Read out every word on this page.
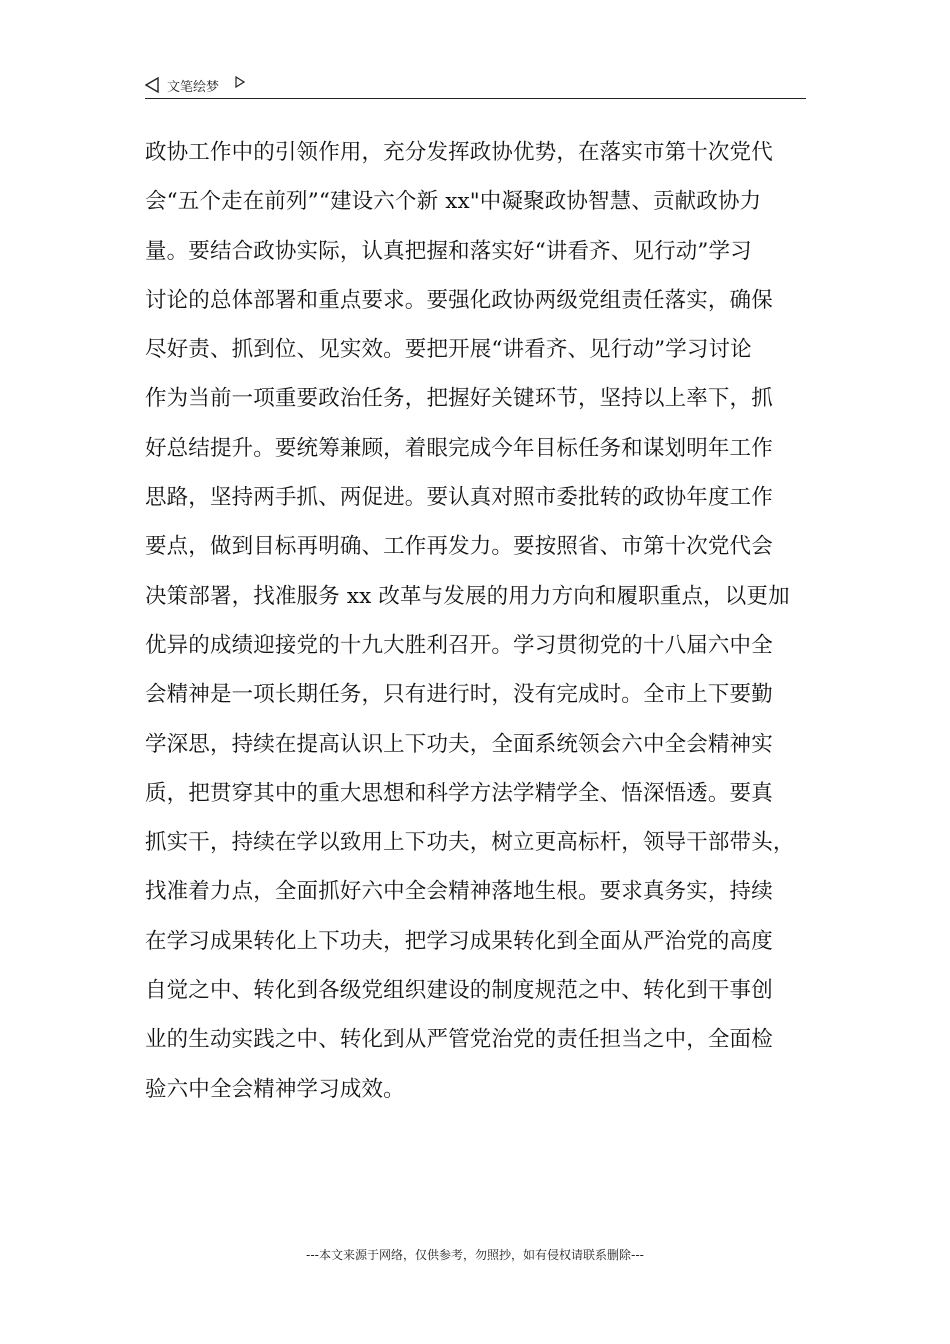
文笔绘梦
政协工作中的引领作用，充分发挥政协优势，在落实市第十次党代
会“五个走在前列”“建设六个新 xx"中凝聚政协智慧、贡献政协力
量。要结合政协实际，认真把握和落实好“讲看齐、见行动”学习
讨论的总体部署和重点要求。要强化政协两级党组责任落实，确保
尽好责、抓到位、见实效。要把开展“讲看齐、见行动”学习讨论
作为当前一项重要政治任务，把握好关键环节，坚持以上率下，抓
好总结提升。要统筹兼顾，着眼完成今年目标任务和谋划明年工作
思路，坚持两手抓、两促进。要认真对照市委批转的政协年度工作
要点，做到目标再明确、工作再发力。要按照省、市第十次党代会
决策部署，找准服务 xx 改革与发展的用力方向和履职重点，以更加
优异的成绩迎接党的十九大胜利召开。学习贯彻党的十八届六中全
会精神是一项长期任务，只有进行时，没有完成时。全市上下要勤
学深思，持续在提高认识上下功夫，全面系统领会六中全会精神实
质，把贯穿其中的重大思想和科学方法学精学全、悟深悟透。要真
抓实干，持续在学以致用上下功夫，树立更高标杆，领导干部带头，
找准着力点，全面抓好六中全会精神落地生根。要求真务实，持续
在学习成果转化上下功夫，把学习成果转化到全面从严治党的高度
自觉之中、转化到各级党组织建设的制度规范之中、转化到干事创
业的生动实践之中、转化到从严管党治党的责任担当之中，全面检
验六中全会精神学习成效。
---本文来源于网络，仅供参考，勿照抄，如有侵权请联系删除---
